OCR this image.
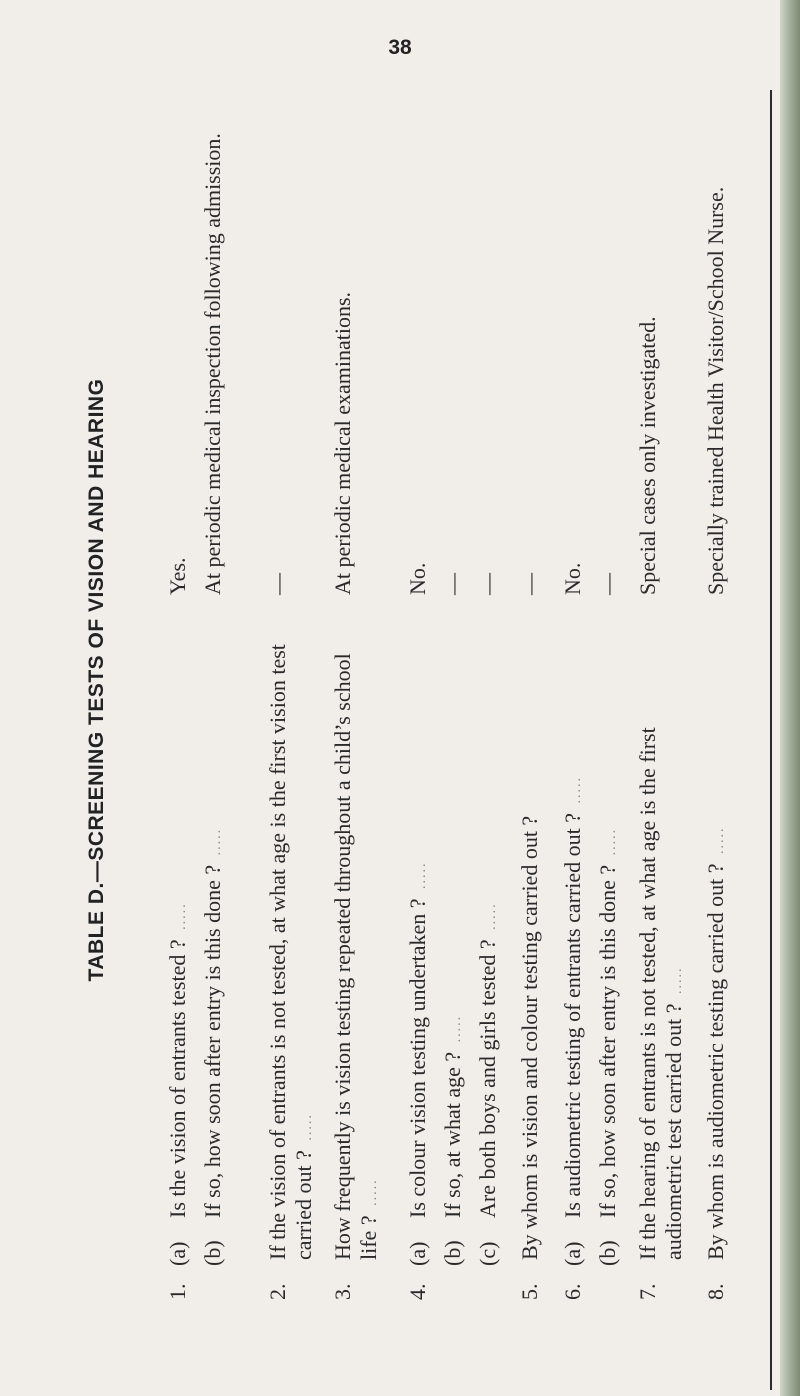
38
TABLE D.—SCREENING TESTS OF VISION AND HEARING
1.
(a)
Is the vision of entrants tested ? .....
Yes.
(b)
If so, how soon after entry is this done ? .....
At periodic medical inspection following admission.
2.
If the vision of entrants is not tested, at what age is the first vision test carried out ? .....
—
3.
How frequently is vision testing repeated throughout a child’s school life ? .....
At periodic medical examinations.
4.
(a)
Is colour vision testing undertaken ? .....
No.
(b)
If so, at what age ? .....
—
(c)
Are both boys and girls tested ? .....
—
5.
By whom is vision and colour testing carried out ?
—
6.
(a)
Is audiometric testing of entrants carried out ? .....
No.
(b)
If so, how soon after entry is this done ? .....
—
7.
If the hearing of entrants is not tested, at what age is the first audiometric test carried out ? .....
Special cases only investigated.
8.
By whom is audiometric testing carried out ? .....
Specially trained Health Visitor/School Nurse.
